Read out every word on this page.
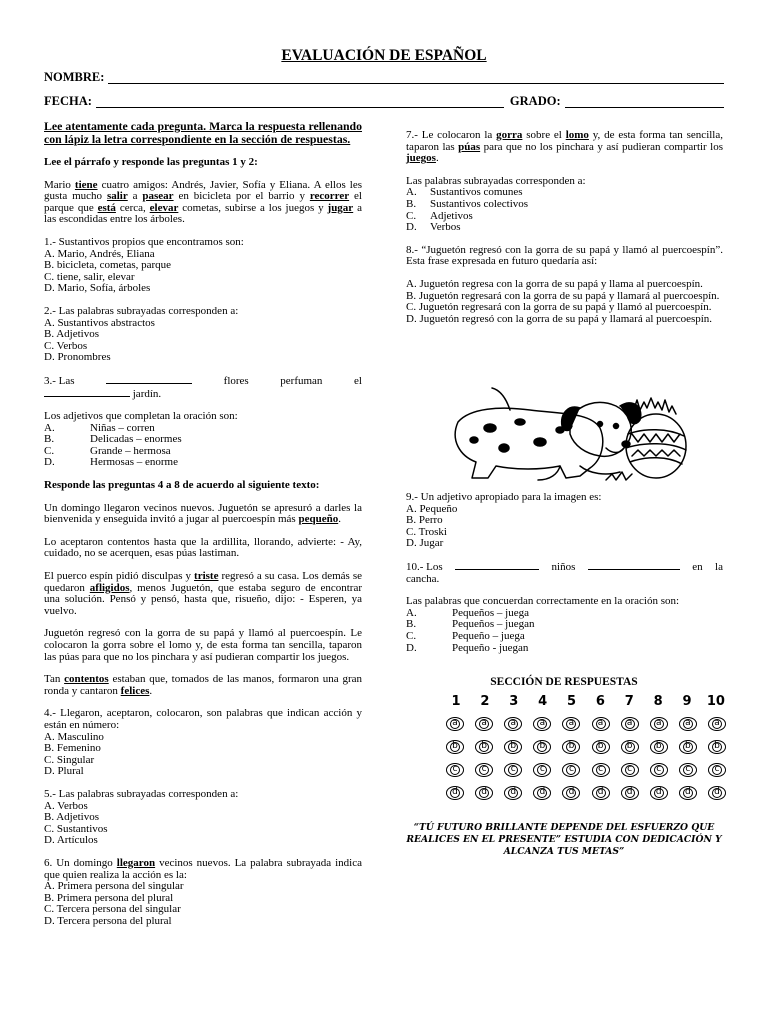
EVALUACIÓN DE ESPAÑOL
NOMBRE:
FECHA:	GRADO:

Lee atentamente cada pregunta. Marca la respuesta rellenando con lápiz la letra correspondiente en la sección de respuestas.

Lee el párrafo y responde las preguntas 1 y 2:

Mario tiene cuatro amigos: Andrés, Javier, Sofía y Eliana. A ellos les gusta mucho salir a pasear en bicicleta por el barrio y recorrer el parque que está cerca, elevar cometas, subirse a los juegos y jugar a las escondidas entre los árboles.

1.- Sustantivos propios que encontramos son:

A. Mario, Andrés, Eliana

B. bicicleta, cometas, parque

C. tiene, salir, elevar

D. Mario, Sofía, árboles

2.- Las palabras subrayadas corresponden a:

A. Sustantivos abstractos

B. Adjetivos

C. Verbos

D. Pronombres

3.- Las	flores	perfuman	el

jardín.

Los adjetivos que completan la oración son:

A.	Niñas – corren
B.	Delicadas – enormes
C.	Grande – hermosa
D.	Hermosas – enorme

Responde las preguntas 4 a 8 de acuerdo al siguiente texto:

Un domingo llegaron vecinos nuevos. Juguetón se apresuró a darles la bienvenida y enseguida invitó a jugar al puercoespín más pequeño.

Lo aceptaron contentos hasta que la ardillita, llorando, advierte: - Ay, cuidado, no se acerquen, esas púas lastiman.

El puerco espín pidió disculpas y triste regresó a su casa. Los demás se quedaron afligidos, menos Juguetón, que estaba seguro de encontrar una solución. Pensó y pensó, hasta que, risueño, dijo: - Esperen, ya vuelvo.

Juguetón regresó con la gorra de su papá y llamó al puercoespín. Le colocaron la gorra sobre el lomo y, de esta forma tan sencilla, taparon las púas para que no los pinchara y así pudieran compartir los juegos.

Tan contentos estaban que, tomados de las manos, formaron una gran ronda y cantaron felices.

4.- Llegaron, aceptaron, colocaron, son palabras que indican acción y están en número:

A. Masculino

B. Femenino

C. Singular

D. Plural

5.- Las palabras subrayadas corresponden a:

A. Verbos

B. Adjetivos

C. Sustantivos

D. Artículos

6. Un domingo llegaron vecinos nuevos. La palabra subrayada indica que quien realiza la acción es la:

A. Primera persona del singular

B. Primera persona del plural

C. Tercera persona del singular

D. Tercera persona del plural

7.- Le colocaron la gorra sobre el lomo y, de esta forma tan sencilla, taparon las púas para que no los pinchara y así pudieran compartir los juegos.

Las palabras subrayadas corresponden a:

A.	Sustantivos comunes
B.	Sustantivos colectivos
C.	Adjetivos
D.	Verbos

8.- “Juguetón regresó con la gorra de su papá y llamó al puercoespín”. Esta frase expresada en futuro quedaría así:

A. Juguetón regresa con la gorra de su papá y llama al puercoespín.

B. Juguetón regresará con la gorra de su papá y llamará al puercoespín.

C. Juguetón regresará con la gorra de su papá y llamó al puercoespín.

D. Juguetón regresó con la gorra de su papá y llamará al puercoespín.

9.- Un adjetivo apropiado para la imagen es:

A. Pequeño

B. Perro

C. Troski

D. Jugar

10.- Los	niños	en la

cancha.

Las palabras que concuerdan correctamente en la oración son:

A.	Pequeños – juega
B.	Pequeños – juegan
C.	Pequeño – juega
D.	Pequeño - juegan
SECCIÓN DE RESPUESTAS
1	2	3	4	5	6	7	8	9	10
a	a	a	a	a	a	a	a	a	a
b	b	b	b	b	b	b	b	b	b
c	c	c	c	c	c	c	c	c	c
d	d	d	d	d	d	d	d	d	d
“TÚ FUTURO BRILLANTE DEPENDE DEL ESFUERZO QUE REALICES EN EL PRESENTE” ESTUDIA CON DEDICACIÓN Y ALCANZA TUS METAS”
